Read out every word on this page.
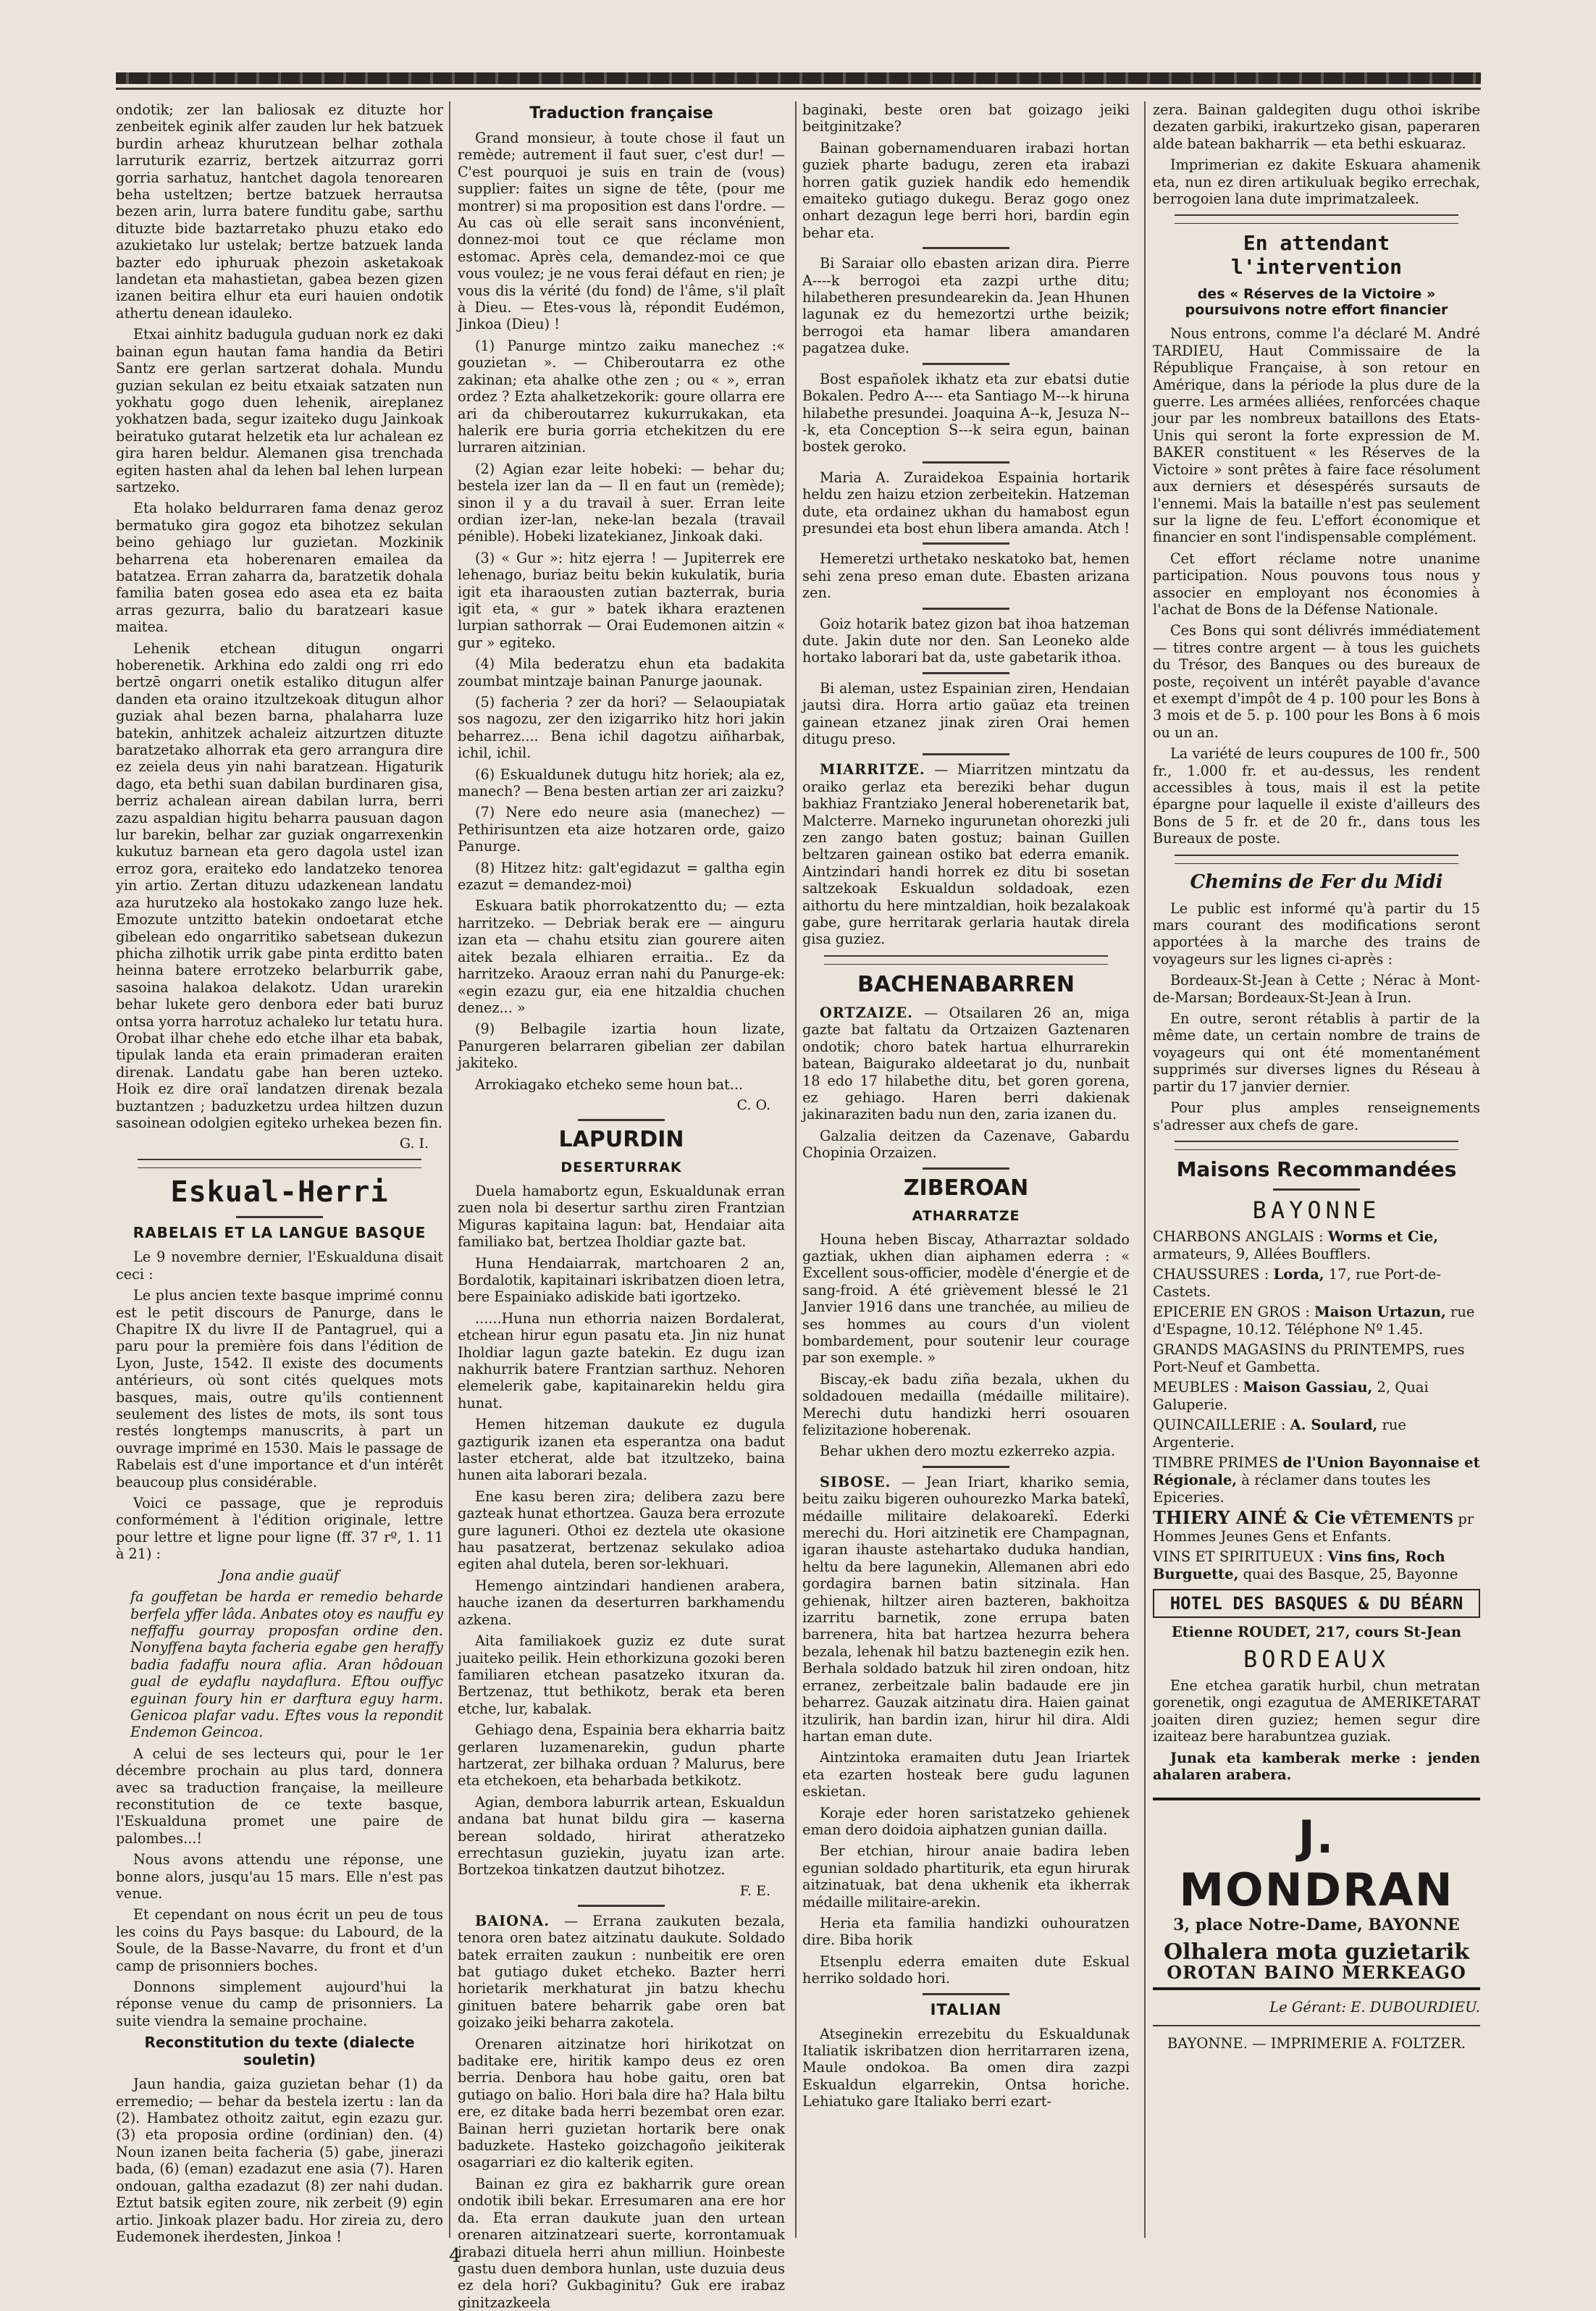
ondotik; zer lan baliosak ez dituzte hor zenbeitek eginik alfer zauden lur hek batzuek burdin arheaz khurutzean belhar zothala larruturik ezarriz, bertzek aitzurraz gorri gorria sarhatuz, hantchet dagola tenorearen beha usteltzen; bertze batzuek herrautsa bezen arin, lurra batere funditu gabe, sarthu dituzte bide baztarretako phuzu etako edo azukietako lur ustelak; bertze batzuek landa bazter edo iphuruak phezoin asketakoak landetan eta mahastietan, gabea bezen gizen izanen beitira elhur eta euri hauien ondotik athertu denean idauleko.

Etxai ainhitz badugula guduan nork ez daki bainan egun hautan fama handia da Betiri Santz ere gerlan sartzerat dohala. Mundu guzian sekulan ez beitu etxaiak satzaten nun yokhatu gogo duen lehenik, aireplanez yokhatzen bada, segur izaiteko dugu Jainkoak beiratuko gutarat helzetik eta lur achalean ez gira haren beldur. Alemanen gisa trenchada egiten hasten ahal da lehen bal lehen lurpean sartzeko.

Eta holako beldurraren fama denaz geroz bermatuko gira gogoz eta bihotzez sekulan beino gehiago lur guzietan. Mozkinik beharrena eta hoberenaren emailea da batatzea. Erran zaharra da, baratzetik dohala familia baten gosea edo asea eta ez baita arras gezurra, balio du baratzeari kasue maitea.

Lehenik etchean ditugun ongarri hoberenetik. Arkhina edo zaldi ong rri edo bertzē ongarri onetik estaliko ditugun alfer danden eta oraino itzultzekoak ditugun alhor guziak ahal bezen barna, phalaharra luze batekin, anhitzek achaleiz aitzurtzen dituzte baratzetako alhorrak eta gero arrangura dire ez zeiela deus yin nahi baratzean. Higaturik dago, eta bethi suan dabilan burdinaren gisa, berriz achalean airean dabilan lurra, berri zazu aspaldian higitu beharra pausuan dagon lur barekin, belhar zar guziak ongarrexenkin kukutuz barnean eta gero dagola ustel izan erroz gora, eraiteko edo landatzeko tenorea yin artio. Zertan dituzu udazkenean landatu aza hurutzeko ala hostokako zango luze hek. Emozute untzitto batekin ondoetarat etche gibelean edo ongarritiko sabetsean dukezun phicha zilhotik urrik gabe pinta erditto baten heinna batere errotzeko belarburrik gabe, sasoina halakoa delakotz. Udan urarekin behar lukete gero denbora eder bati buruz ontsa yorra harrotuz achaleko lur tetatu hura. Orobat ilhar chehe edo etche ilhar eta babak, tipulak landa eta erain primaderan eraiten direnak. Landatu gabe han beren uzteko. Hoik ez dire oraï landatzen direnak bezala buztantzen ; baduzketzu urdea hiltzen duzun sasoinean odolgien egiteko urhekea bezen fin.

G. I.
Eskual-Herri
RABELAIS ET LA LANGUE BASQUE

Le 9 novembre dernier, l'Eskualduna disait ceci :

Le plus ancien texte basque imprimé connu est le petit discours de Panurge, dans le Chapitre IX du livre II de Pantagruel, qui a paru pour la première fois dans l'édition de Lyon, Juste, 1542. Il existe des documents antérieurs, où sont cités quelques mots basques, mais, outre qu'ils contiennent seulement des listes de mots, ils sont tous restés longtemps manuscrits, à part un ouvrage imprimé en 1530. Mais le passage de Rabelais est d'une importance et d'un intérêt beaucoup plus considérable.

Voici ce passage, que je reproduis conformément à l'édition originale, lettre pour lettre et ligne pour ligne (ff. 37 rº, 1. 11 à 21) :

Jona andie guaüf

fa gouffetan be harda er remedio beharde berfela yffer lâda. Anbates otoy es nauffu ey neffaffu gourray proposfan ordine den. Nonyffena bayta facheria egabe gen heraffy badia fadaffu noura aflia. Aran hôdouan gual de eydaflu naydaflura. Eftou ouffyc eguinan foury hin er darftura eguy harm. Genicoa plafar vadu. Eftes vous la repondit Endemon Geincoa.

A celui de ses lecteurs qui, pour le 1er décembre prochain au plus tard, donnera avec sa traduction française, la meilleure reconstitution de ce texte basque, l'Eskualduna promet une paire de palombes...!

Nous avons attendu une réponse, une bonne alors, jusqu'au 15 mars. Elle n'est pas venue.

Et cependant on nous écrit un peu de tous les coins du Pays basque: du Labourd, de la Soule, de la Basse-Navarre, du front et d'un camp de prisonniers boches.

Donnons simplement aujourd'hui la réponse venue du camp de prisonniers. La suite viendra la semaine prochaine.

Reconstitution du texte (dialecte souletin)

Jaun handia, gaiza guzietan behar (1) da erremedio; — behar da bestela izertu : lan da (2). Hambatez othoitz zaitut, egin ezazu gur. (3) eta proposia ordine (ordinian) den. (4) Noun izanen beita facheria (5) gabe, jinerazi bada, (6) (eman) ezadazut ene asia (7). Haren ondouan, galtha ezadazut (8) zer nahi dudan. Eztut batsik egiten zoure, nik zerbeit (9) egin artio. Jinkoak plazer badu. Hor zireia zu, dero Eudemonek iherdesten, Jinkoa !

Traduction française

Grand monsieur, à toute chose il faut un remède; autrement il faut suer, c'est dur! — C'est pourquoi je suis en train de (vous) supplier: faites un signe de tête, (pour me montrer) si ma proposition est dans l'ordre. — Au cas où elle serait sans inconvénient, donnez-moi tout ce que réclame mon estomac. Après cela, demandez-moi ce que vous voulez; je ne vous ferai défaut en rien; je vous dis la vérité (du fond) de l'âme, s'il plaît à Dieu. — Etes-vous là, répondit Eudémon, Jinkoa (Dieu) !

(1) Panurge mintzo zaiku manechez :« gouzietan ». — Chiberoutarra ez othe zakinan; eta ahalke othe zen ; ou « », erran ordez ? Ezta ahalketzekorik: goure ollarra ere ari da chiberoutarrez kukurrukakan, eta halerik ere buria gorria etchekitzen du ere lurraren aitzinian.

(2) Agian ezar leite hobeki: — behar du; bestela izer lan da — Il en faut un (remède); sinon il y a du travail à suer. Erran leite ordian izer-lan, neke-lan bezala (travail pénible). Hobeki lizatekianez, Jinkoak daki.

(3) « Gur »: hitz ejerra ! — Jupiterrek ere lehenago, buriaz beitu bekin kukulatik, buria igit eta iharaousten zutian bazterrak, buria igit eta, « gur » batek ikhara eraztenen lurpian sathorrak — Orai Eudemonen aitzin « gur » egiteko.

(4) Mila bederatzu ehun eta badakita zoumbat mintzaje bainan Panurge jaounak.

(5) facheria ? zer da hori? — Selaoupiatak sos nagozu, zer den izigarriko hitz hori jakin beharrez.... Bena ichil dagotzu aiñharbak, ichil, ichil.

(6) Eskualdunek dutugu hitz horiek; ala ez, manech? — Bena besten artian zer ari zaizku?

(7) Nere edo neure asia (manechez) — Pethirisuntzen eta aize hotzaren orde, gaizo Panurge.

(8) Hitzez hitz: galt'egidazut = galtha egin ezazut = demandez-moi)

Eskuara batik phorrokatzentto du; — ezta harritzeko. — Debriak berak ere — ainguru izan eta — chahu etsitu zian gourere aiten aitek bezala elhiaren erraitia.. Ez da harritzeko. Araouz erran nahi du Panurge-ek: «egin ezazu gur, eia ene hitzaldia chuchen denez... »

(9) Belbagile izartia houn lizate, Panurgeren belarraren gibelian zer dabilan jakiteko.

Arrokiagako etcheko seme houn bat...

C. O.
LAPURDIN
DESERTURRAK

Duela hamabortz egun, Eskualdunak erran zuen nola bi desertur sarthu ziren Frantzian Miguras kapitaina lagun: bat, Hendaiar aita familiako bat, bertzea Iholdiar gazte bat.

Huna Hendaiarrak, martchoaren 2 an, Bordalotik, kapitainari iskribatzen dioen letra, bere Espainiako adiskide bati igortzeko.

......Huna nun ethorria naizen Bordalerat, etchean hirur egun pasatu eta. Jin niz hunat Iholdiar lagun gazte batekin. Ez dugu izan nakhurrik batere Frantzian sarthuz. Nehoren elemelerik gabe, kapitainarekin heldu gira hunat.

Hemen hitzeman daukute ez dugula gaztigurik izanen eta esperantza ona badut laster etcherat, alde bat itzultzeko, baina hunen aita laborari bezala.

Ene kasu beren zira; delibera zazu bere gazteak hunat ethortzea. Gauza bera errozute gure laguneri. Othoi ez deztela ute okasione hau pasatzerat, bertzenaz sekulako adioa egiten ahal dutela, beren sor-lekhuari.

Hemengo aintzindari handienen arabera, hauche izanen da deserturren barkhamendu azkena.

Aita familiakoek guziz ez dute surat juaiteko peilik. Hein ethorkizuna gozoki beren familiaren etchean pasatzeko itxuran da. Bertzenaz, ttut bethikotz, berak eta beren etche, lur, kabalak.

Gehiago dena, Espainia bera ekharria baitz gerlaren luzamenarekin, gudun pharte hartzerat, zer bilhaka orduan ? Malurus, bere eta etchekoen, eta beharbada betkikotz.

Agian, dembora laburrik artean, Eskualdun andana bat hunat bildu gira — kaserna berean soldado, hirirat atheratzeko errechtasun guziekin, juyatu izan arte. Bortzekoa tinkatzen dautzut bihotzez.

F. E.

BAIONA. — Errana zaukuten bezala, tenora oren batez aitzinatu daukute. Soldado batek erraiten zaukun : nunbeitik ere oren bat gutiago duket etcheko. Bazter herri horietarik merkhaturat jin batzu khechu ginituen batere beharrik gabe oren bat goizako jeiki beharra zakotela.

Orenaren aitzinatze hori hirikotzat on baditake ere, hiritik kampo deus ez oren berria. Denbora hau hobe gaitu, oren bat gutiago on balio. Hori bala dire ha? Hala biltu ere, ez ditake bada herri bezembat oren ezar. Bainan herri guzietan hortarik bere onak baduzkete. Hasteko goizchagoño jeikiterak osagarriari ez dio kalterik egiten.

Bainan ez gira ez bakharrik gure orean ondotik ibili bekar. Erresumaren ana ere hor da. Eta erran daukute juan den urtean orenaren aitzinatzeari suerte, korrontamuak irabazi dituela herri ahun milliun. Hoinbeste gastu duen dembora hunlan, uste duzuia deus ez dela hori? Gukbaginitu? Guk ere irabaz ginitzazkeela

baginaki, beste oren bat goizago jeiki beitginitzake?

Bainan gobernamenduaren irabazi hortan guziek pharte badugu, zeren eta irabazi horren gatik guziek handik edo hemendik emaiteko gutiago dukegu. Beraz gogo onez onhart dezagun lege berri hori, bardin egin behar eta.

Bi Saraiar ollo ebasten arizan dira. Pierre A----k berrogoi eta zazpi urthe ditu; hilabetheren presundearekin da. Jean Hhunen lagunak ez du hemezortzi urthe beizik; berrogoi eta hamar libera amandaren pagatzea duke.

Bost españolek ikhatz eta zur ebatsi dutie Bokalen. Pedro A---- eta Santiago M---k hiruna hilabethe presundei. Joaquina A--k, Jesuza N---k, eta Conception S---k seira egun, bainan bostek geroko.

Maria A. Zuraidekoa Espainia hortarik heldu zen haizu etzion zerbeitekin. Hatzeman dute, eta ordainez ukhan du hamabost egun presundei eta bost ehun libera amanda. Atch !

Hemeretzi urthetako neskatoko bat, hemen sehi zena preso eman dute. Ebasten arizana zen.

Goiz hotarik batez gizon bat ihoa hatzeman dute. Jakin dute nor den. San Leoneko alde hortako laborari bat da, uste gabetarik ithoa.

Bi aleman, ustez Espainian ziren, Hendaian jautsi dira. Horra artio gaüaz eta treinen gainean etzanez jinak ziren Orai hemen ditugu preso.

MIARRITZE. — Miarritzen mintzatu da oraiko gerlaz eta bereziki behar dugun bakhiaz Frantziako Jeneral hoberenetarik bat, Malcterre. Marneko ingurunetan ohorezki juli zen zango baten gostuz; bainan Guillen beltzaren gainean ostiko bat ederra emanik. Aintzindari handi horrek ez ditu bi sosetan saltzekoak Eskualdun soldadoak, ezen aithortu du here mintzaldian, hoik bezalakoak gabe, gure herritarak gerlaria hautak direla gisa guziez.

BACHENABARREN

ORTZAIZE. — Otsailaren 26 an, miga gazte bat faltatu da Ortzaizen Gaztenaren ondotik; choro batek hartua elhurrarekin batean, Baigurako aldeetarat jo du, nunbait 18 edo 17 hilabethe ditu, bet goren gorena, ez gehiago. Haren berri dakienak jakinaraziten badu nun den, zaria izanen du.

Galzalia deitzen da Cazenave, Gabardu Chopinia Orzaizen.

ZIBEROAN
ATHARRATZE

Houna heben Biscay, Atharraztar soldado gaztiak, ukhen dian aiphamen ederra : « Excellent sous-officier, modèle d'énergie et de sang-froid. A été grièvement blessé le 21 Janvier 1916 dans une tranchée, au milieu de ses hommes au cours d'un violent bombardement, pour soutenir leur courage par son exemple. »

Biscay,-ek badu ziña bezala, ukhen du soldadouen medailla (médaille militaire). Merechi dutu handizki herri osouaren felizitazione hoberenak.

Behar ukhen dero moztu ezkerreko azpia.

SIBOSE. — Jean Iriart, khariko semia, beitu zaiku bigeren ouhourezko Marka batekî, médaille militaire delakoarekî. Ederki merechi du. Hori aitzinetik ere Champagnan, igaran ihauste astehartako duduka handian, heltu da bere lagunekin, Allemanen abri edo gordagira barnen batin sitzinala. Han gehienak, hiltzer airen bazteren, bakhoitza izarritu barnetik, zone errupa baten barrenera, hita bat hartzea hezurra behera bezala, lehenak hil batzu baztenegin ezik hen. Berhala soldado batzuk hil ziren ondoan, hitz erranez, zerbeitzale balin badaude ere jin beharrez. Gauzak aitzinatu dira. Haien gainat itzulirik, han bardin izan, hirur hil dira. Aldi hartan eman dute.

Aintzintoka eramaiten dutu Jean Iriartek eta ezarten hosteak bere gudu lagunen eskietan.

Koraje eder horen saristatzeko gehienek eman dero doidoia aiphatzen gunian dailla.

Ber etchian, hirour anaie badira leben egunian soldado phartiturik, eta egun hirurak aitzinatuak, bat dena ukhenik eta ikherrak médaille militaire-arekin.

Heria eta familia handizki ouhouratzen dire. Biba horik

Etsenplu ederra emaiten dute Eskual herriko soldado hori.

ITALIAN

Atseginekin errezebitu du Eskualdunak Italiatik iskribatzen dion herritarraren izena, Maule ondokoa. Ba omen dira zazpi Eskualdun elgarrekin, Ontsa horiche. Lehiatuko gare Italiako berri ezart-

zera. Bainan galdegiten dugu othoi iskribe dezaten garbiki, irakurtzeko gisan, paperaren alde batean bakharrik — eta bethi eskuaraz.

Imprimerian ez dakite Eskuara ahamenik eta, nun ez diren artikuluak begiko errechak, berrogoien lana dute imprimatzaleek.

En attendant l'intervention
des « Réserves de la Victoire » poursuivons notre effort financier

Nous entrons, comme l'a déclaré M. André TARDIEU, Haut Commissaire de la République Française, à son retour en Amérique, dans la période la plus dure de la guerre. Les armées alliées, renforcées chaque jour par les nombreux bataillons des Etats-Unis qui seront la forte expression de M. BAKER constituent « les Réserves de la Victoire » sont prêtes à faire face résolument aux derniers et désespérés sursauts de l'ennemi. Mais la bataille n'est pas seulement sur la ligne de feu. L'effort économique et financier en sont l'indispensable complément.

Cet effort réclame notre unanime participation. Nous pouvons tous nous y associer en employant nos économies à l'achat de Bons de la Défense Nationale.

Ces Bons qui sont délivrés immédiatement — titres contre argent — à tous les guichets du Trésor, des Banques ou des bureaux de poste, reçoivent un intérêt payable d'avance et exempt d'impôt de 4 p. 100 pour les Bons à 3 mois et de 5. p. 100 pour les Bons à 6 mois ou un an.

La variété de leurs coupures de 100 fr., 500 fr., 1.000 fr. et au-dessus, les rendent accessibles à tous, mais il est la petite épargne pour laquelle il existe d'ailleurs des Bons de 5 fr. et de 20 fr., dans tous les Bureaux de poste.

Chemins de Fer du Midi

Le public est informé qu'à partir du 15 mars courant des modifications seront apportées à la marche des trains de voyageurs sur les lignes ci-après :

Bordeaux-St-Jean à Cette ; Nérac à Mont-de-Marsan; Bordeaux-St-Jean à Irun.

En outre, seront rétablis à partir de la même date, un certain nombre de trains de voyageurs qui ont été momentanément supprimés sur diverses lignes du Réseau à partir du 17 janvier dernier.

Pour plus amples renseignements s'adresser aux chefs de gare.

Maisons Recommandées
BAYONNE

CHARBONS ANGLAIS : Worms et Cie, armateurs, 9, Allées Boufflers.

CHAUSSURES : Lorda, 17, rue Port-de-Castets.

EPICERIE EN GROS : Maison Urtazun, rue d'Espagne, 10.12. Téléphone Nº 1.45.

GRANDS MAGASINS du PRINTEMPS, rues Port-Neuf et Gambetta.

MEUBLES : Maison Gassiau, 2, Quai Galuperie.

QUINCAILLERIE : A. Soulard, rue Argenterie.

TIMBRE PRIMES de l'Union Bayonnaise et Régionale, à réclamer dans toutes les Epiceries.

THIERY AINÉ & Cie VÊTEMENTS pr Hommes Jeunes Gens et Enfants.

VINS ET SPIRITUEUX : Vins fins, Roch Burguette, quai des Basque, 25, Bayonne

HOTEL DES BASQUES & DU BÉARN

Etienne ROUDET, 217, cours St-Jean

BORDEAUX

Ene etchea garatik hurbil, chun metratan gorenetik, ongi ezagutua de AMERIKETARAT joaiten diren guziez; hemen segur dire izaiteaz bere harabuntzea guziak.

Junak eta kamberak merke : jenden ahalaren arabera.

J. MONDRAN

3, place Notre-Dame, BAYONNE

Olhalera mota guzietarik

OROTAN BAINO MERKEAGO

Le Gérant: E. DUBOURDIEU.

BAYONNE. — IMPRIMERIE A. FOLTZER.

4
